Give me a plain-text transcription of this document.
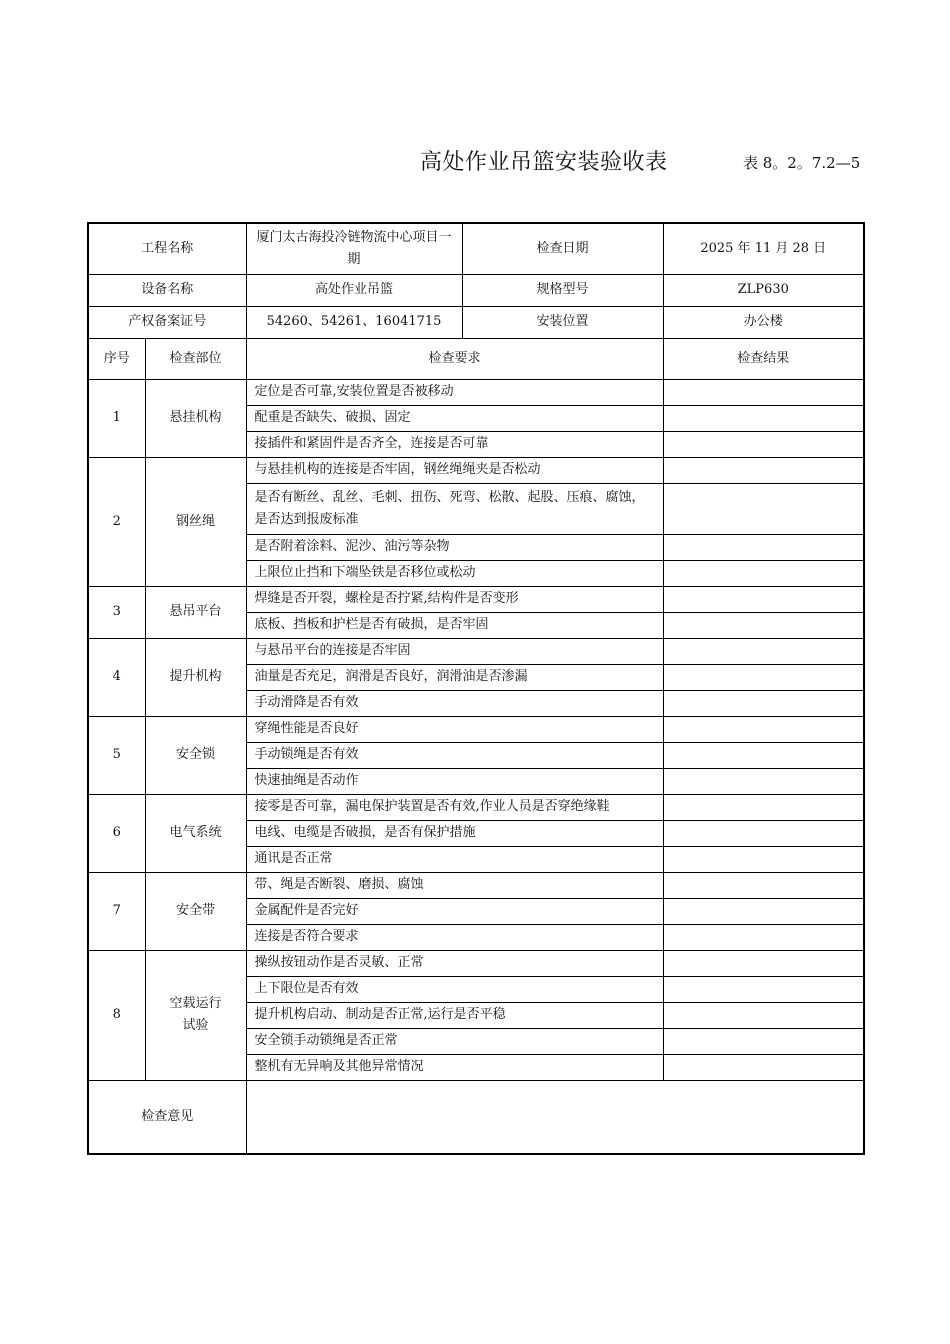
高处作业吊篮安装验收表	表 8。2。7.2—5
工程名称		厦门太古海投冷链物流中心项目一期	检查日期	2025 年 11 月 28 日
设备名称		高处作业吊篮	规格型号	ZLP630
产权备案证号		54260、54261、16041715	安装位置	办公楼
序号	检查部位	检查要求		检查结果
1	悬挂机构	定位是否可靠,安装位置是否被移动		
		配重是否缺失、破损、固定		
		接插件和紧固件是否齐全，连接是否可靠		
2	钢丝绳	与悬挂机构的连接是否牢固，钢丝绳绳夹是否松动		
		是否有断丝、乱丝、毛刺、扭伤、死弯、松散、起股、压痕、腐蚀，是否达到报废标准		
		是否附着涂料、泥沙、油污等杂物		
		上限位止挡和下端坠铁是否移位或松动		
3	悬吊平台	焊缝是否开裂，螺栓是否拧紧,结构件是否变形		
		底板、挡板和护栏是否有破损，是否牢固		
4	提升机构	与悬吊平台的连接是否牢固		
		油量是否充足，润滑是否良好，润滑油是否渗漏		
		手动滑降是否有效		
5	安全锁	穿绳性能是否良好		
		手动锁绳是否有效		
		快速抽绳是否动作		
6	电气系统	接零是否可靠，漏电保护装置是否有效,作业人员是否穿绝缘鞋		
		电线、电缆是否破损，是否有保护措施		
		通讯是否正常		
7	安全带	带、绳是否断裂、磨损、腐蚀		
		金属配件是否完好		
		连接是否符合要求		
8	空载运行试验	操纵按钮动作是否灵敏、正常		
		上下限位是否有效		
		提升机构启动、制动是否正常,运行是否平稳		
		安全锁手动锁绳是否正常		
		整机有无异响及其他异常情况		
检查意见				
